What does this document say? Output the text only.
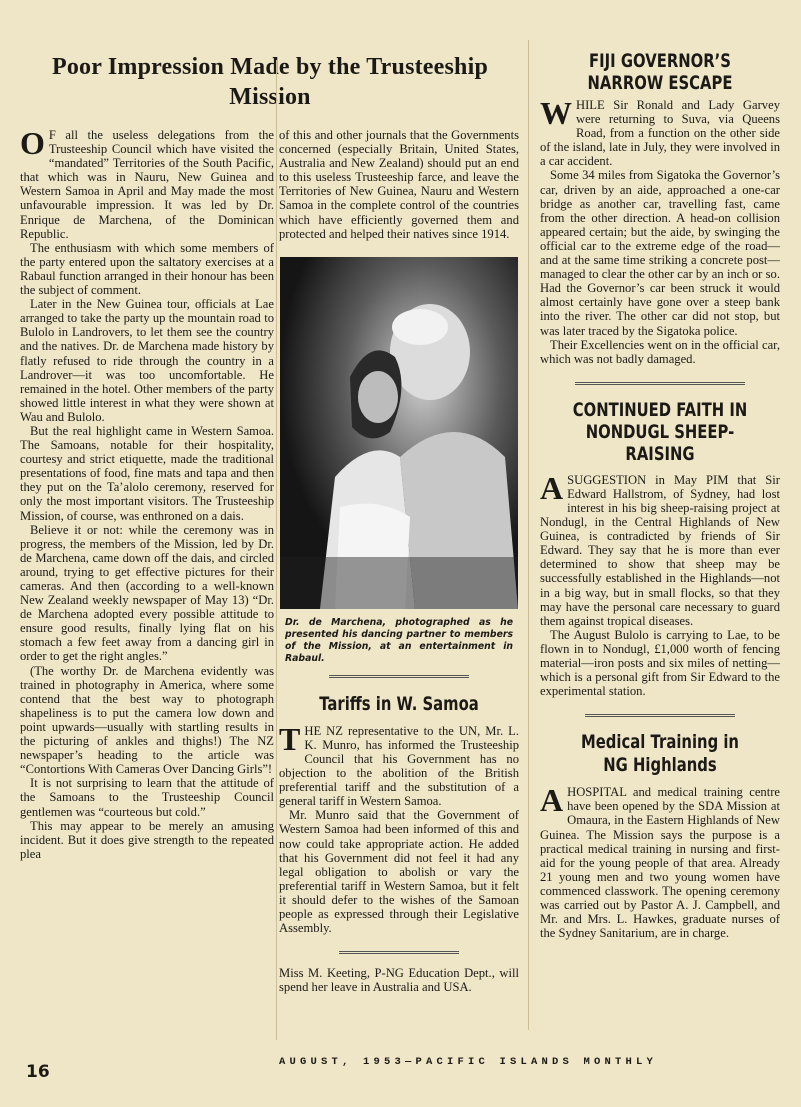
Poor Impression Made by the Trusteeship Mission

O F all the useless delegations from the Trusteeship Council which have visited the “mandated” Territories of the South Pacific, that which was in Nauru, New Guinea and Western Samoa in April and May made the most unfavourable impression. It was led by Dr. Enrique de Marchena, of the Dominican Republic.

The enthusiasm with which some members of the party entered upon the saltatory exercises at a Rabaul function arranged in their honour has been the subject of comment.

Later in the New Guinea tour, officials at Lae arranged to take the party up the mountain road to Bulolo in Landrovers, to let them see the country and the natives. Dr. de Marchena made history by flatly refused to ride through the country in a Landrover—it was too uncomfortable. He remained in the hotel. Other members of the party showed little interest in what they were shown at Wau and Bulolo.

But the real highlight came in Western Samoa. The Samoans, notable for their hospitality, courtesy and strict etiquette, made the traditional presentations of food, fine mats and tapa and then they put on the Ta’alolo ceremony, reserved for only the most important visitors. The Trusteeship Mission, of course, was enthroned on a dais.

Believe it or not: while the ceremony was in progress, the members of the Mission, led by Dr. de Marchena, came down off the dais, and circled around, trying to get effective pictures for their cameras. And then (according to a well-known New Zealand weekly newspaper of May 13) “Dr. de Marchena adopted every possible attitude to ensure good results, finally lying flat on his stomach a few feet away from a dancing girl in order to get the right angles.”

(The worthy Dr. de Marchena evidently was trained in photography in America, where some contend that the best way to photograph shapeliness is to put the camera low down and point upwards—usually with startling results in the picturing of ankles and thighs!) The NZ newspaper’s heading to the article was “Contortions With Cameras Over Dancing Girls”!

It is not surprising to learn that the attitude of the Samoans to the Trusteeship Council gentlemen was “courteous but cold.”

This may appear to be merely an amusing incident. But it does give strength to the repeated plea

of this and other journals that the Governments concerned (especially Britain, United States, Australia and New Zealand) should put an end to this useless Trusteeship farce, and leave the Territories of New Guinea, Nauru and Western Samoa in the complete control of the countries which have efficiently governed them and protected and helped their natives since 1914.

Dr. de Marchena, photographed as he presented his dancing partner to members of the Mission, at an entertainment in Rabaul.

Tariffs in W. Samoa

THE NZ representative to the UN, Mr. L. K. Munro, has informed the Trusteeship Council that his Government has no objection to the abolition of the British preferential tariff and the substitution of a general tariff in Western Samoa.

Mr. Munro said that the Government of Western Samoa had been informed of this and now could take appropriate action. He added that his Government did not feel it had any legal obligation to abolish or vary the preferential tariff in Western Samoa, but it felt it should defer to the wishes of the Samoan people as expressed through their Legislative Assembly.

Miss M. Keeting, P-NG Education Dept., will spend her leave in Australia and USA.

FIJI GOVERNOR’S NARROW ESCAPE

WHILE Sir Ronald and Lady Garvey were returning to Suva, via Queens Road, from a function on the other side of the island, late in July, they were involved in a car accident.

Some 34 miles from Sigatoka the Governor’s car, driven by an aide, approached a one-car bridge as another car, travelling fast, came from the other direction. A head-on collision appeared certain; but the aide, by swinging the official car to the extreme edge of the road—and at the same time striking a concrete post—managed to clear the other car by an inch or so. Had the Governor’s car been struck it would almost certainly have gone over a steep bank into the river. The other car did not stop, but was later traced by the Sigatoka police.

Their Excellencies went on in the official car, which was not badly damaged.

CONTINUED FAITH IN NONDUGL SHEEP-RAISING

ASUGGESTION in May PIM that Sir Edward Hallstrom, of Sydney, had lost interest in his big sheep-raising project at Nondugl, in the Central Highlands of New Guinea, is contradicted by friends of Sir Edward. They say that he is more than ever determined to show that sheep may be successfully established in the Highlands—not in a big way, but in small flocks, so that they may have the personal care necessary to guard them against tropical diseases.

The August Bulolo is carrying to Lae, to be flown in to Nondugl, £1,000 worth of fencing material—iron posts and six miles of netting—which is a personal gift from Sir Edward to the experimental station.

Medical Training in NG Highlands

A HOSPITAL and medical training centre have been opened by the SDA Mission at Omaura, in the Eastern Highlands of New Guinea. The Mission says the purpose is a practical medical training in nursing and first-aid for the young people of that area. Already 21 young men and two young women have commenced classwork. The opening ceremony was carried out by Pastor A. J. Campbell, and Mr. and Mrs. L. Hawkes, graduate nurses of the Sydney Sanitarium, are in charge.

16	AUGUST, 1953—PACIFIC ISLANDS MONTHLY
